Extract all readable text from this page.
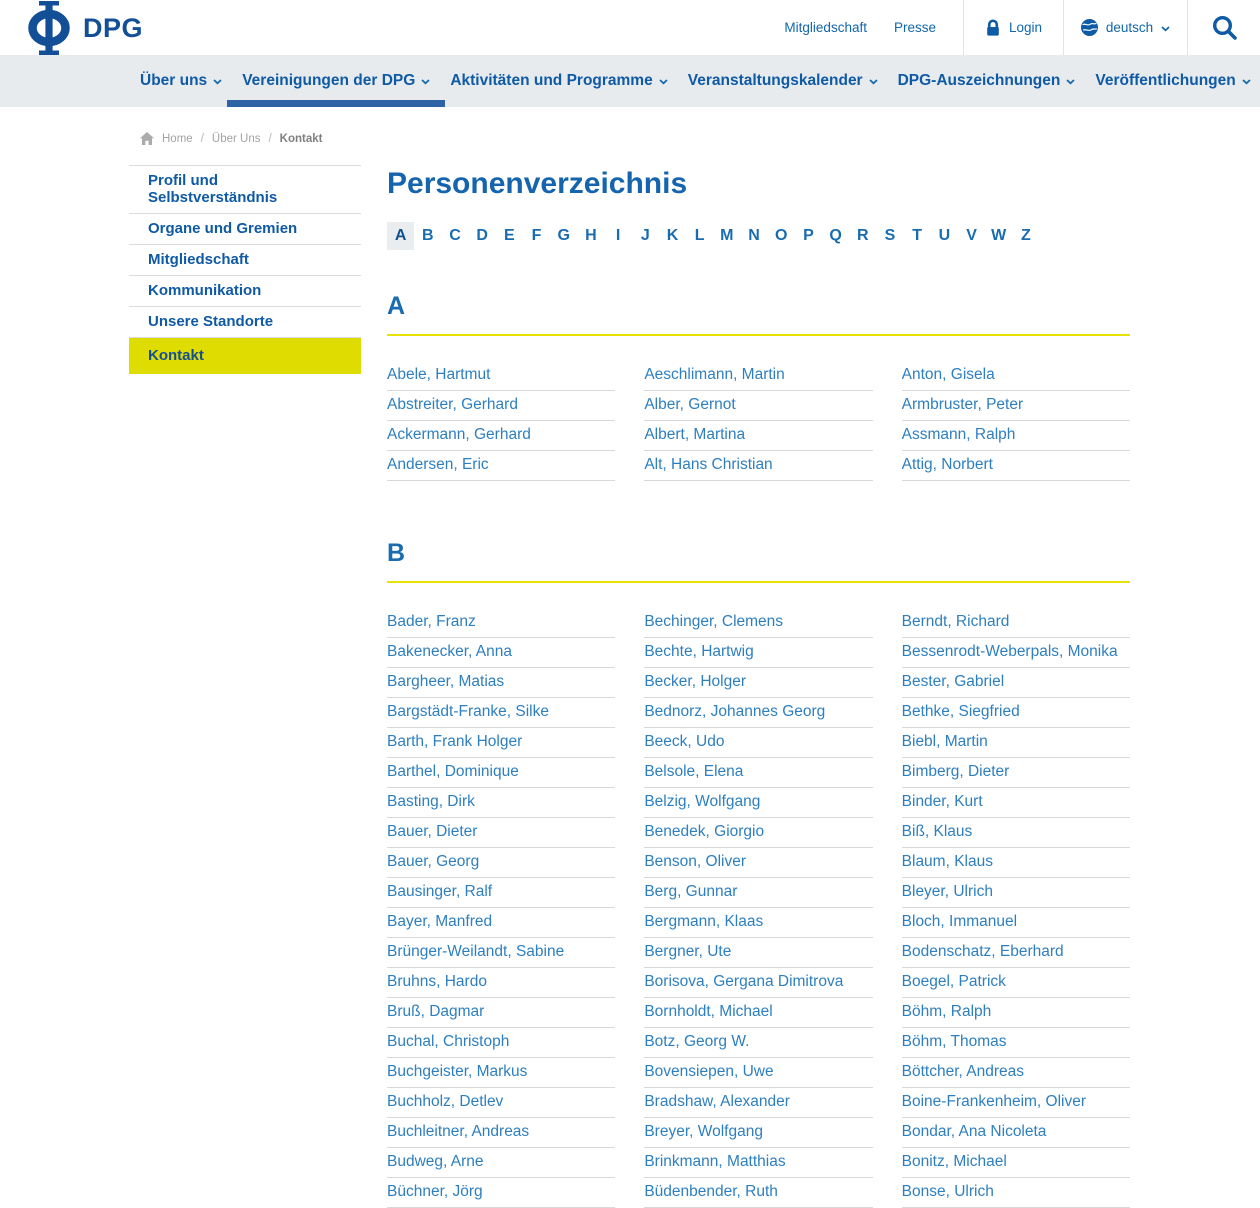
DPG	Mitgliedschaft Presse	Login	deutsch
Über uns	Vereinigungen der DPG	Aktivitäten und Programme	Veranstaltungskalender	DPG-Auszeichnungen	Veröffentlichungen
Home / Über Uns / Kontakt
Profil und Selbstverständnis
Organe und Gremien
Mitgliedschaft
Kommunikation
Unsere Standorte
Kontakt
Personenverzeichnis
A B C D	E	F	G H	I	J	K	L M N O P Q R	S	T	U	V W Z
A
Abele, Hartmut	Aeschlimann, Martin	Anton, Gisela
Abstreiter, Gerhard	Alber, Gernot	Armbruster, Peter
Ackermann, Gerhard	Albert, Martina	Assmann, Ralph
Andersen, Eric	Alt, Hans Christian	Attig, Norbert
B
Bader, Franz	Bechinger, Clemens	Berndt, Richard
Bakenecker, Anna	Bechte, Hartwig	Bessenrodt-Weberpals, Monika
Bargheer, Matias	Becker, Holger	Bester, Gabriel
Bargstädt-Franke, Silke	Bednorz, Johannes Georg	Bethke, Siegfried
Barth, Frank Holger	Beeck, Udo	Biebl, Martin
Barthel, Dominique	Belsole, Elena	Bimberg, Dieter
Basting, Dirk	Belzig, Wolfgang	Binder, Kurt
Bauer, Dieter	Benedek, Giorgio	Biß, Klaus
Bauer, Georg	Benson, Oliver	Blaum, Klaus
Bausinger, Ralf	Berg, Gunnar	Bleyer, Ulrich
Bayer, Manfred	Bergmann, Klaas	Bloch, Immanuel
Brünger-Weilandt, Sabine	Bergner, Ute	Bodenschatz, Eberhard
Bruhns, Hardo	Borisova, Gergana Dimitrova	Boegel, Patrick
Bruß, Dagmar	Bornholdt, Michael	Böhm, Ralph
Buchal, Christoph	Botz, Georg W.	Böhm, Thomas
Buchgeister, Markus	Bovensiepen, Uwe	Böttcher, Andreas
Buchholz, Detlev	Bradshaw, Alexander	Boine-Frankenheim, Oliver
Buchleitner, Andreas	Breyer, Wolfgang	Bondar, Ana Nicoleta
Budweg, Arne	Brinkmann, Matthias	Bonitz, Michael
Büchner, Jörg	Büdenbender, Ruth	Bonse, Ulrich
